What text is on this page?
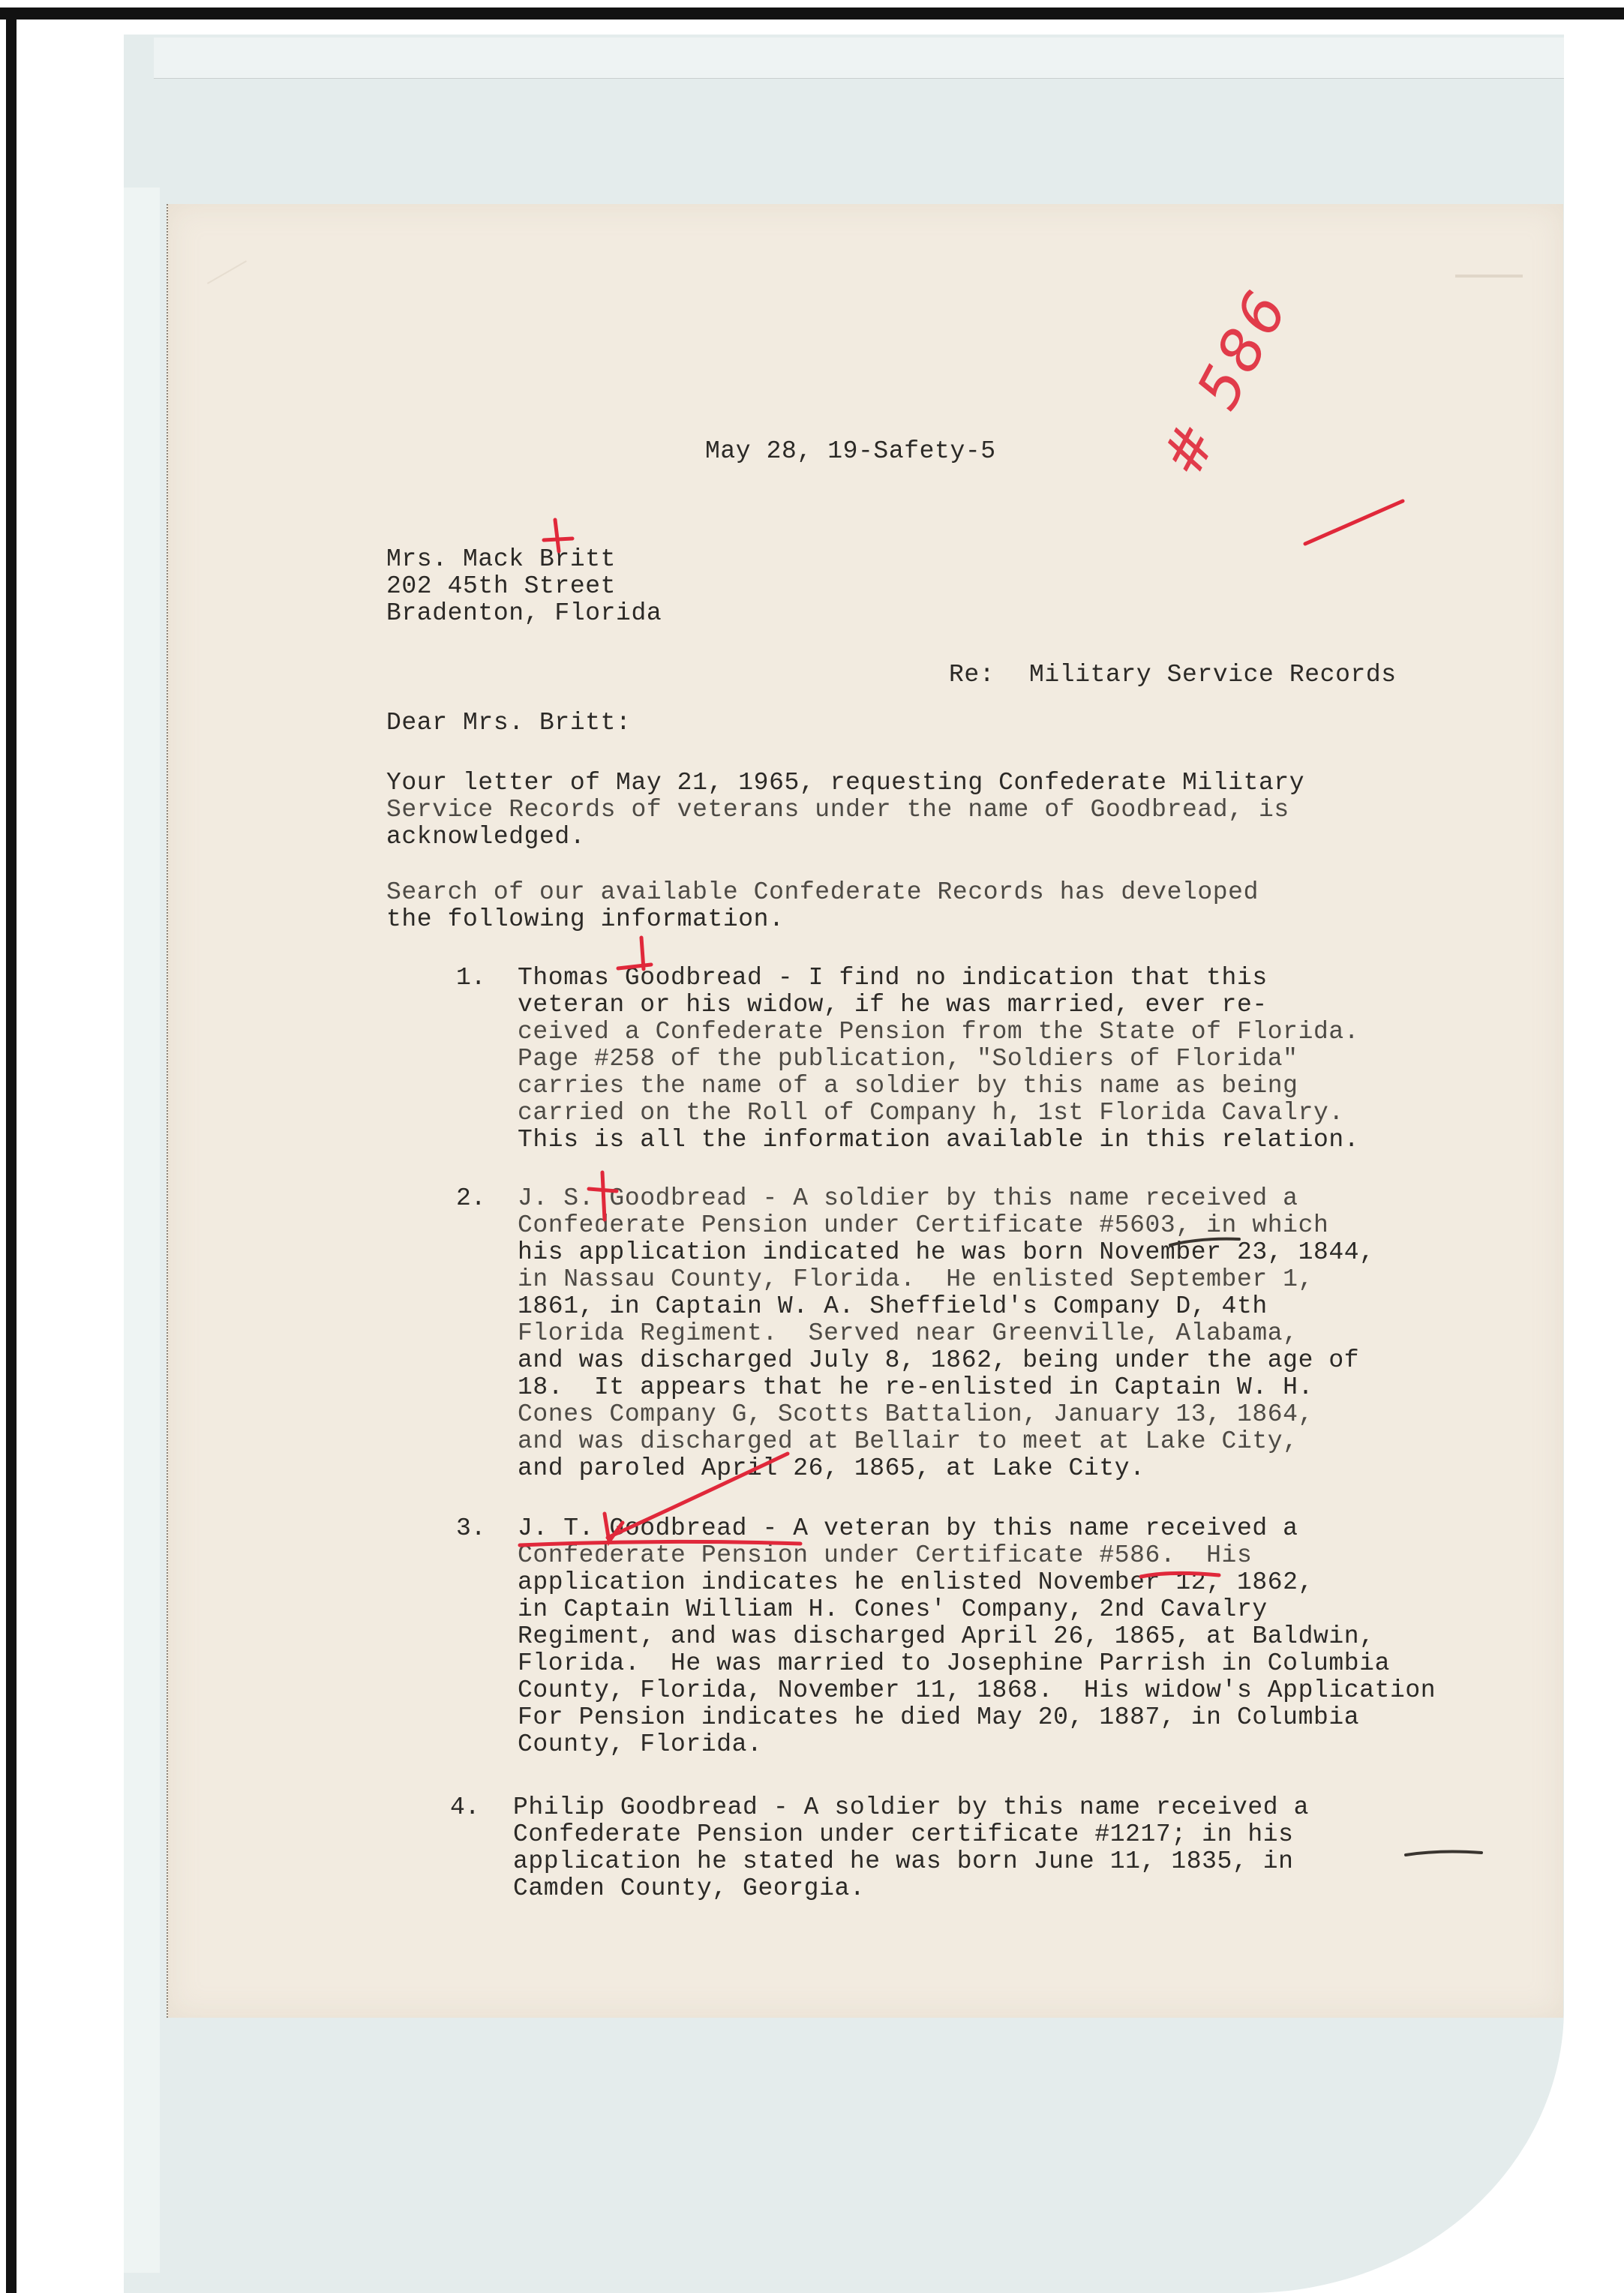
May 28, 19-Safety-5
Mrs. Mack Britt
202 45th Street
Bradenton, Florida
Re: Military Service Records
Dear Mrs. Britt:
Your letter of May 21, 1965, requesting Confederate Military
Service Records of veterans under the name of Goodbread, is
acknowledged.
Search of our available Confederate Records has developed
the following information.
1. Thomas Goodbread - I find no indication that this
veteran or his widow, if he was married, ever re-
ceived a Confederate Pension from the State of Florida.
Page #258 of the publication, "Soldiers of Florida"
carries the name of a soldier by this name as being
carried on the Roll of Company h, 1st Florida Cavalry.
This is all the information available in this relation.
2. J. S. Goodbread - A soldier by this name received a
Confederate Pension under Certificate #5603, in which
his application indicated he was born November 23, 1844,
in Nassau County, Florida.  He enlisted September 1,
1861, in Captain W. A. Sheffield's Company D, 4th
Florida Regiment.  Served near Greenville, Alabama,
and was discharged July 8, 1862, being under the age of
18.  It appears that he re-enlisted in Captain W. H.
Cones Company G, Scotts Battalion, January 13, 1864,
and was discharged at Bellair to meet at Lake City,
and paroled April 26, 1865, at Lake City.
3. J. T. Goodbread - A veteran by this name received a
Confederate Pension under Certificate #586.  His
application indicates he enlisted November 12, 1862,
in Captain William H. Cones' Company, 2nd Cavalry
Regiment, and was discharged April 26, 1865, at Baldwin,
Florida.  He was married to Josephine Parrish in Columbia
County, Florida, November 11, 1868.  His widow's Application
For Pension indicates he died May 20, 1887, in Columbia
County, Florida.
4. Philip Goodbread - A soldier by this name received a
Confederate Pension under certificate #1217; in his
application he stated he was born June 11, 1835, in
Camden County, Georgia.
# 586
